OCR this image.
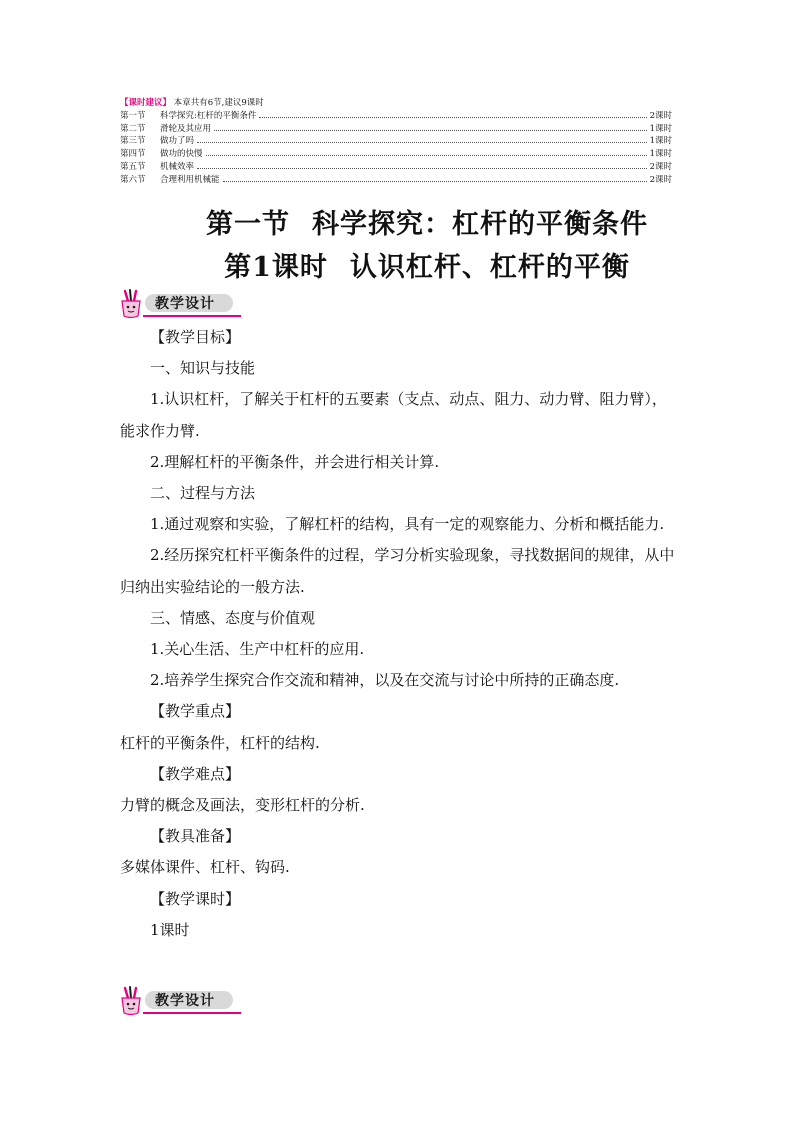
【课时建议】 本章共有6节,建议9课时
第一节	科学探究:杠杆的平衡条件	2课时
第二节	滑轮及其应用	1课时
第三节	做功了吗	1课时
第四节	做功的快慢	1课时
第五节	机械效率	2课时
第六节	合理利用机械能	2课时
第一节 科学探究：杠杆的平衡条件
第1课时 认识杠杆、杠杆的平衡
教学设计

【教学目标】

一、知识与技能

1.认识杠杆，了解关于杠杆的五要素（支点、动点、阻力、动力臂、阻力臂），能求作力臂.

2.理解杠杆的平衡条件，并会进行相关计算.

二、过程与方法

1.通过观察和实验，了解杠杆的结构，具有一定的观察能力、分析和概括能力.

2.经历探究杠杆平衡条件的过程，学习分析实验现象，寻找数据间的规律，从中归纳出实验结论的一般方法.

三、情感、态度与价值观

1.关心生活、生产中杠杆的应用.

2.培养学生探究合作交流和精神，以及在交流与讨论中所持的正确态度.

【教学重点】

杠杆的平衡条件，杠杆的结构.

【教学难点】

力臂的概念及画法，变形杠杆的分析.

【教具准备】

多媒体课件、杠杆、钩码.

【教学课时】

1课时

教学设计
